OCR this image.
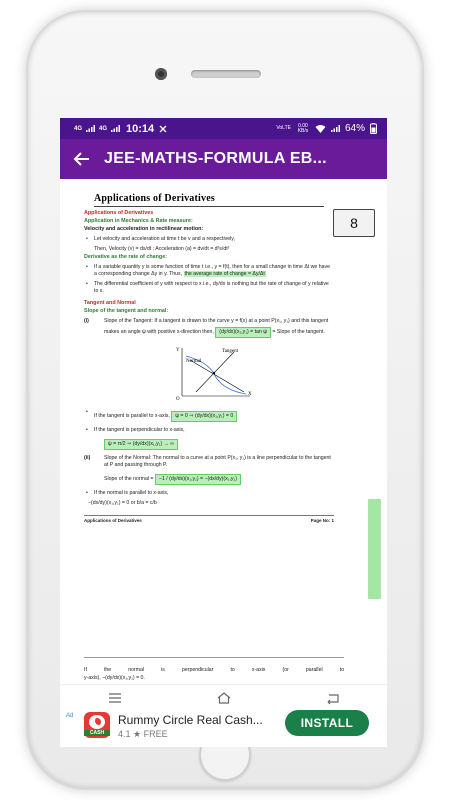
4G	4G 10:14	VoLTE	0.00 KB/s	64%
JEE-MATHS-FORMULA EB...
Applications of Derivatives
8
Applications of Derivatives
Application in Mechanics & Rate measure:
Velocity and acceleration in rectilinear motion:
• Let velocity and acceleration at time t be v and a respectively,
Then, Velocity (v) = ds/dt ; Acceleration (a) = dv/dt = d²s/dt²
Derivative as the rate of change:
• If a variable quantity y is some function of time t i.e., y = f(t), then for a small change in time Δt we have a corresponding change Δy in y. Thus, the average rate of change = Δy/Δt
• The differential coefficient of y with respect to x i.e., dy/dx is nothing but the rate of change of y relative to x.
Tangent and Normal
Slope of the tangent and normal:
(i)	Slope of the Tangent: If a tangent is drawn to the curve y = f(x) at a point P(x₁, y₁) and this tangent makes an angle ψ with positive x-direction then, (dy/dx)(x₁,y₁) = tan ψ = Slope of the tangent.
Tangent
Normal
X
Y
O
• If the tangent is parallel to x-axis, ψ = 0 ⇒ (dy/dx)(x₁,y₁) = 0
• If the tangent is perpendicular to x-axis,
ψ = π/2 ⇒ (dy/dx)(x₁,y₁) → ∞
(ii)	Slope of the Normal: The normal to a curve at a point P(x₁, y₁) is a line perpendicular to the tangent at P and passing through P.
Slope of the normal = −1 / (dy/dx)(x₁,y₁) = −(dx/dy)(x₁,y₁)
• If the normal is parallel to x-axis,
−(dx/dy)(x₁,y₁) = 0 or b/a = c/b
Applications of Derivatives	Page No: 1
If	the	normal	is	perpendicular	to	x-axis	(or	parallel	to
y-axis), −(dy/dx)(x₁,y₁) = 0.
Ad
CASH
Rummy Circle Real Cash...
4.1 ★ FREE
INSTALL
